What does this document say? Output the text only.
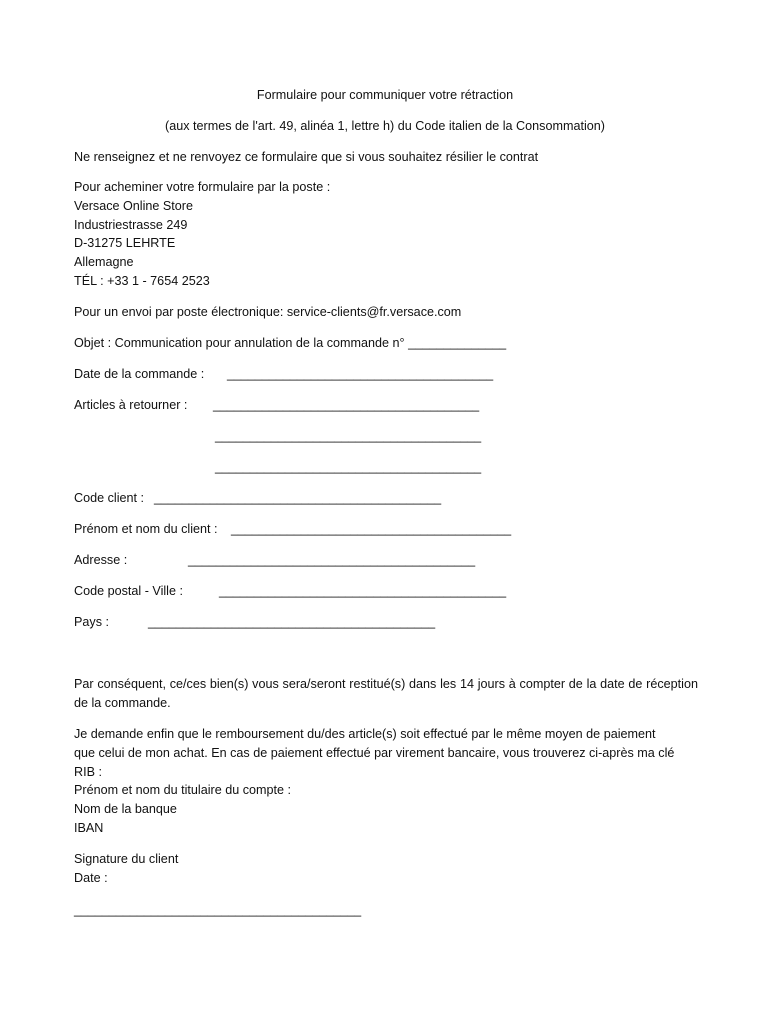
Formulaire pour communiquer votre rétraction
(aux termes de l'art. 49, alinéa 1, lettre h) du Code italien de la Consommation)
Ne renseignez et ne renvoyez ce formulaire que si vous souhaitez résilier le contrat
Pour acheminer votre formulaire par la poste :
Versace Online Store
Industriestrasse 249
D-31275 LEHRTE
Allemagne
TÉL : +33 1 - 7654 2523
Pour un envoi par poste électronique: service-clients@fr.versace.com
Objet : Communication pour annulation de la commande n° ______________
Date de la commande : ______________________________________
Articles à retourner : ______________________________________
______________________________________
______________________________________
Code client : _________________________________________
Prénom et nom du client : ________________________________________
Adresse :	_________________________________________
Code postal - Ville :	_________________________________________
Pays :	_________________________________________
Par conséquent, ce/ces bien(s) vous sera/seront restitué(s) dans les 14 jours à compter de la date de réception de la commande.
Je demande enfin que le remboursement du/des article(s) soit effectué par le même moyen de paiement
que celui de mon achat. En cas de paiement effectué par virement bancaire, vous trouverez ci-après ma clé
RIB :
Prénom et nom du titulaire du compte :
Nom de la banque
IBAN
Signature du client
Date :
_________________________________________
